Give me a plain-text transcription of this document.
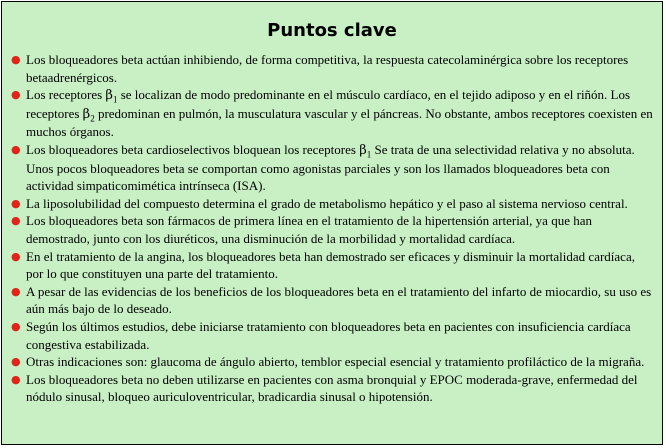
Puntos clave
● Los bloqueadores beta actúan inhibiendo, de forma competitiva, la respuesta catecolaminérgica sobre los receptores betaadrenérgicos.
● Los receptores $\beta_1$ se localizan de modo predominante en el músculo cardíaco, en el tejido adiposo y en el riñón. Los receptores $\beta_2$ predominan en pulmón, la musculatura vascular y el páncreas. No obstante, ambos receptores coexisten en muchos órganos.
● Los bloqueadores beta cardioselectivos bloquean los receptores $\beta_1$ Se trata de una selectividad relativa y no absoluta. Unos pocos bloqueadores beta se comportan como agonistas parciales y son los llamados bloqueadores beta con actividad simpaticomimética intrínseca (ISA).
● La liposolubilidad del compuesto determina el grado de metabolismo hepático y el paso al sistema nervioso central.
● Los bloqueadores beta son fármacos de primera línea en el tratamiento de la hipertensión arterial, ya que han demostrado, junto con los diuréticos, una disminución de la morbilidad y mortalidad cardíaca.
● En el tratamiento de la angina, los bloqueadores beta han demostrado ser eficaces y disminuir la mortalidad cardíaca, por lo que constituyen una parte del tratamiento.
● A pesar de las evidencias de los beneficios de los bloqueadores beta en el tratamiento del infarto de miocardio, su uso es aún más bajo de lo deseado.
● Según los últimos estudios, debe iniciarse tratamiento con bloqueadores beta en pacientes con insuficiencia cardíaca congestiva estabilizada.
● Otras indicaciones son: glaucoma de ángulo abierto, temblor especial esencial y tratamiento profiláctico de la migraña.
● Los bloqueadores beta no deben utilizarse en pacientes con asma bronquial y EPOC moderada-grave, enfermedad del nódulo sinusal, bloqueo auriculoventricular, bradicardia sinusal o hipotensión.
